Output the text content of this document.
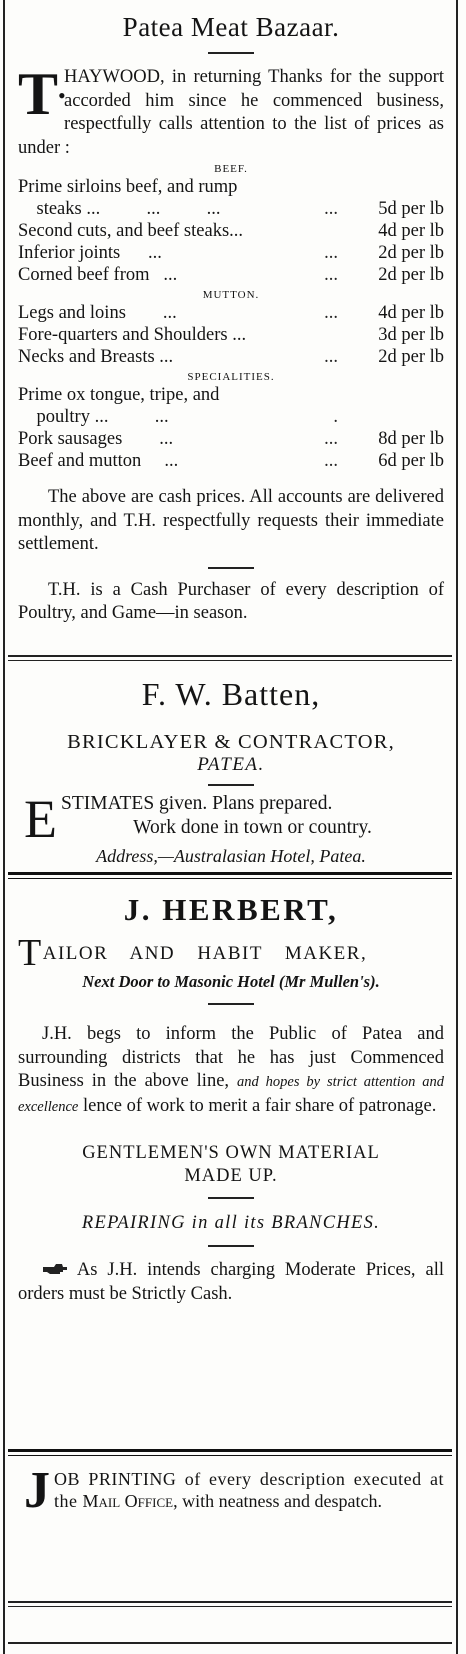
Patea Meat Bazaar.
T •
HAYWOOD, in returning Thanks for the support accorded him since he commenced business, respectfully calls attention to the list of prices as under :
BEEF.
Prime sirloins beef, and rump		
steaks ...          ...          ...	...	5d per lb
Second cuts, and beef steaks...		4d per lb
Inferior joints      ...	...	2d per lb
Corned beef from   ...	...	2d per lb
MUTTON.
Legs and loins        ...	...	4d per lb
Fore-quarters and Shoulders ...		3d per lb
Necks and Breasts ...	...	2d per lb
SPECIALITIES.
Prime ox tongue, tripe, and		
poultry ...          ...	.	
Pork sausages        ...	...	8d per lb
Beef and mutton     ...	...	6d per lb
The above are cash prices. All accounts are delivered monthly, and T.H. respectfully requests their immediate settlement.
T.H. is a Cash Purchaser of every description of Poultry, and Game—in season.
F. W. Batten,
BRICKLAYER & CONTRACTOR,
PATEA.
E STIMATES given. Plans prepared.
Work done in town or country.
Address,—Australasian Hotel, Patea.
J. HERBERT,
TAILOR AND HABIT MAKER,
Next Door to Masonic Hotel (Mr Mullen's).
J.H. begs to inform the Public of Patea and surrounding districts that he has just Commenced Business in the above line, and hopes by strict attention and excellence lence of work to merit a fair share of patronage.
GENTLEMEN'S OWN MATERIAL
MADE UP.
REPAIRING in all its BRANCHES.
As J.H. intends charging Moderate Prices, all orders must be Strictly Cash.
JOB PRINTING of every description executed at the Mail Office, with neatness and despatch.
